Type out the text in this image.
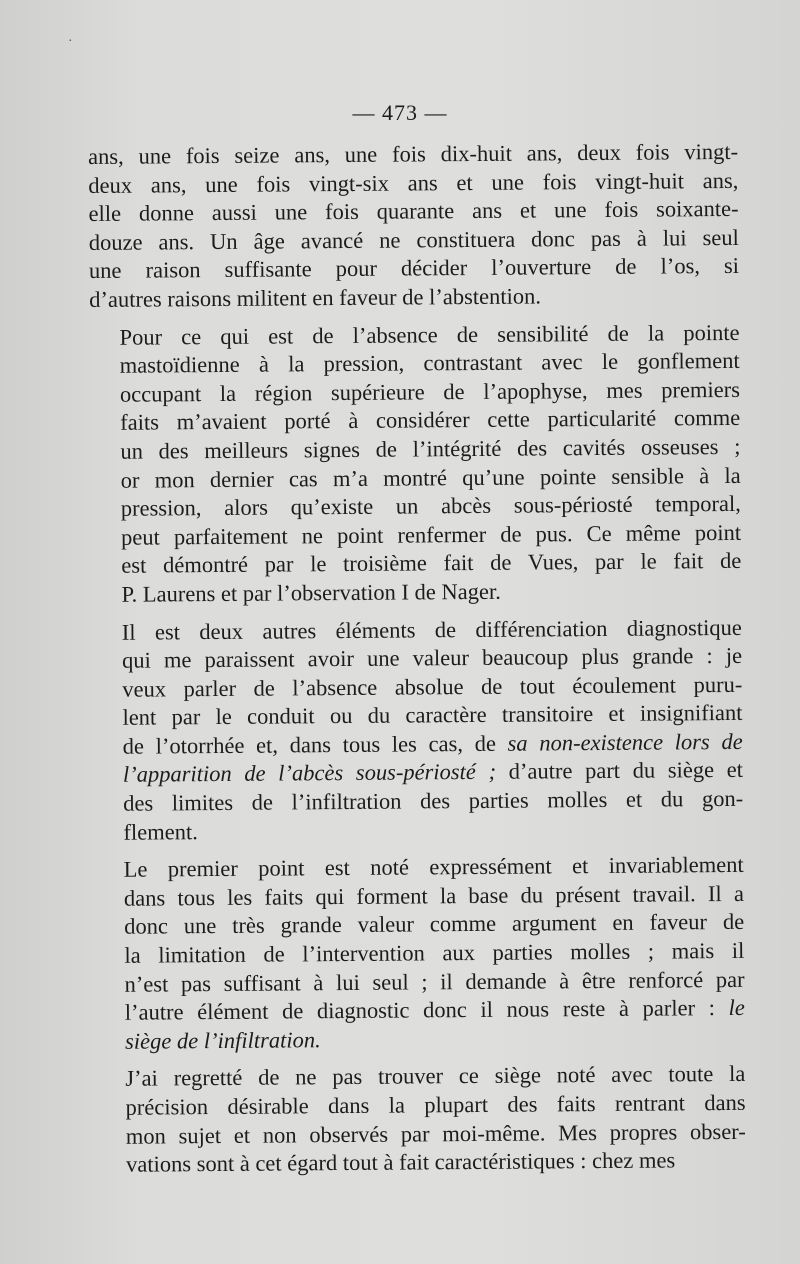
·
— 473 —

ans, une fois seize ans, une fois dix-huit ans, deux fois vingt-
deux ans, une fois vingt-six ans et une fois vingt-huit ans,
elle donne aussi une fois quarante ans et une fois soixante-
douze ans. Un âge avancé ne constituera donc pas à lui seul
une raison suffisante pour décider l’ouverture de l’os, si
d’autres raisons militent en faveur de l’abstention.

Pour ce qui est de l’absence de sensibilité de la pointe
mastoïdienne à la pression, contrastant avec le gonflement
occupant la région supérieure de l’apophyse, mes premiers
faits m’avaient porté à considérer cette particularité comme
un des meilleurs signes de l’intégrité des cavités osseuses ;
or mon dernier cas m’a montré qu’une pointe sensible à la
pression, alors qu’existe un abcès sous-périosté temporal,
peut parfaitement ne point renfermer de pus. Ce même point
est démontré par le troisième fait de Vues, par le fait de
P. Laurens et par l’observation I de Nager.

Il est deux autres éléments de différenciation diagnostique
qui me paraissent avoir une valeur beaucoup plus grande : je
veux parler de l’absence absolue de tout écoulement puru-
lent par le conduit ou du caractère transitoire et insignifiant
de l’otorrhée et, dans tous les cas, de sa non-existence lors de
l’apparition de l’abcès sous-périosté ; d’autre part du siège et
des limites de l’infiltration des parties molles et du gon-
flement.

Le premier point est noté expressément et invariablement
dans tous les faits qui forment la base du présent travail. Il a
donc une très grande valeur comme argument en faveur de
la limitation de l’intervention aux parties molles ; mais il
n’est pas suffisant à lui seul ; il demande à être renforcé par
l’autre élément de diagnostic donc il nous reste à parler : le
siège de l’infiltration.

J’ai regretté de ne pas trouver ce siège noté avec toute la
précision désirable dans la plupart des faits rentrant dans
mon sujet et non observés par moi-même. Mes propres obser-
vations sont à cet égard tout à fait caractéristiques : chez mes
